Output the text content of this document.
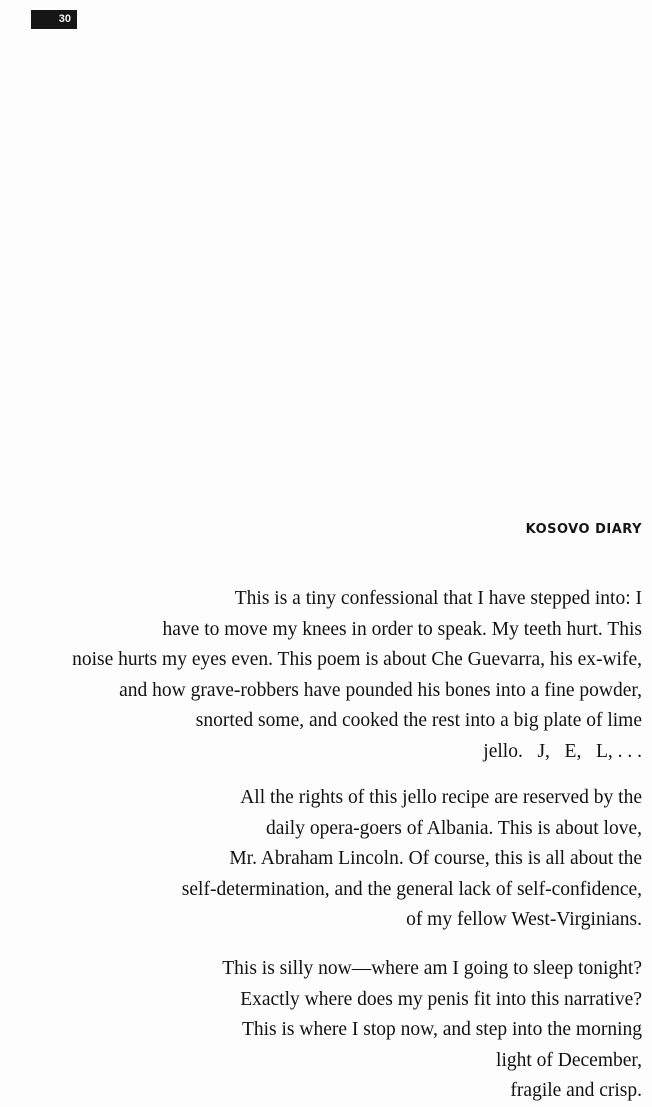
30
KOSOVO DIARY
This is a tiny confessional that I have stepped into: I
have to move my knees in order to speak. My teeth hurt. This
noise hurts my eyes even. This poem is about Che Guevarra, his ex-wife,
and how grave-robbers have pounded his bones into a fine powder,
snorted some, and cooked the rest into a big plate of lime
jello.   J,   E,   L, . . .
All the rights of this jello recipe are reserved by the
daily opera-goers of Albania. This is about love,
Mr. Abraham Lincoln. Of course, this is all about the
self-determination, and the general lack of self-confidence,
of my fellow West-Virginians.
This is silly now—where am I going to sleep tonight?
Exactly where does my penis fit into this narrative?
This is where I stop now, and step into the morning
light of December,
fragile and crisp.
